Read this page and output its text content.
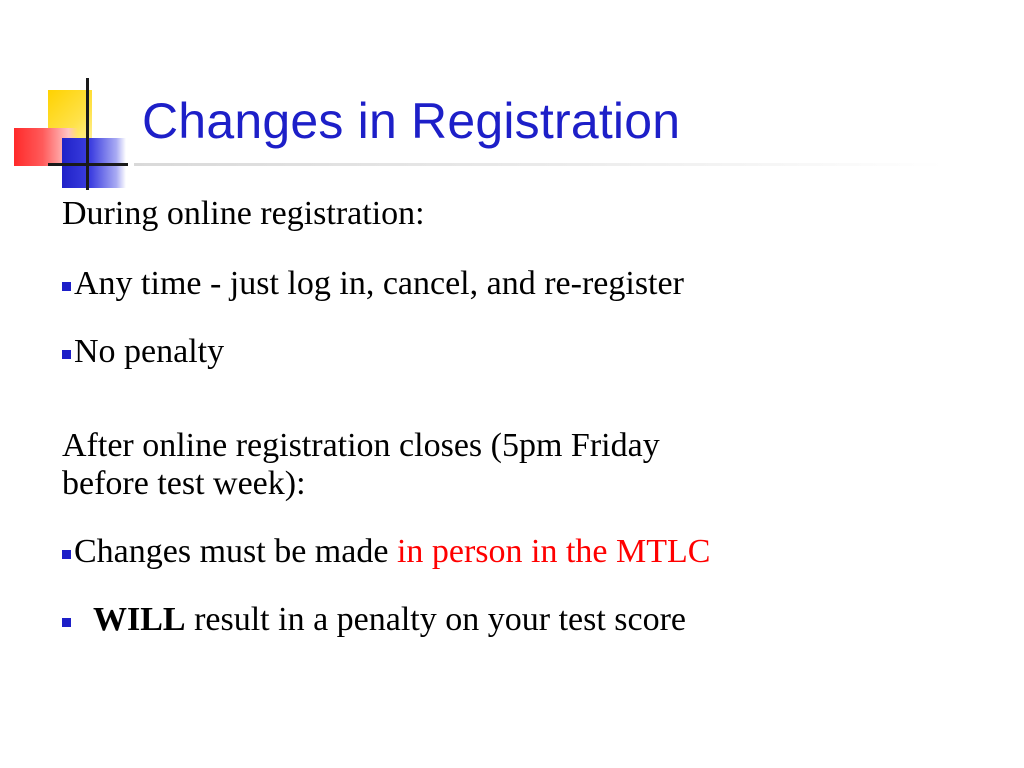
Changes in Registration

During online registration:

Any time - just log in, cancel, and re-register
No penalty

After online registration closes (5pm Friday
before test week):

Changes must be made in person in the MTLC
WILL result in a penalty on your test score
